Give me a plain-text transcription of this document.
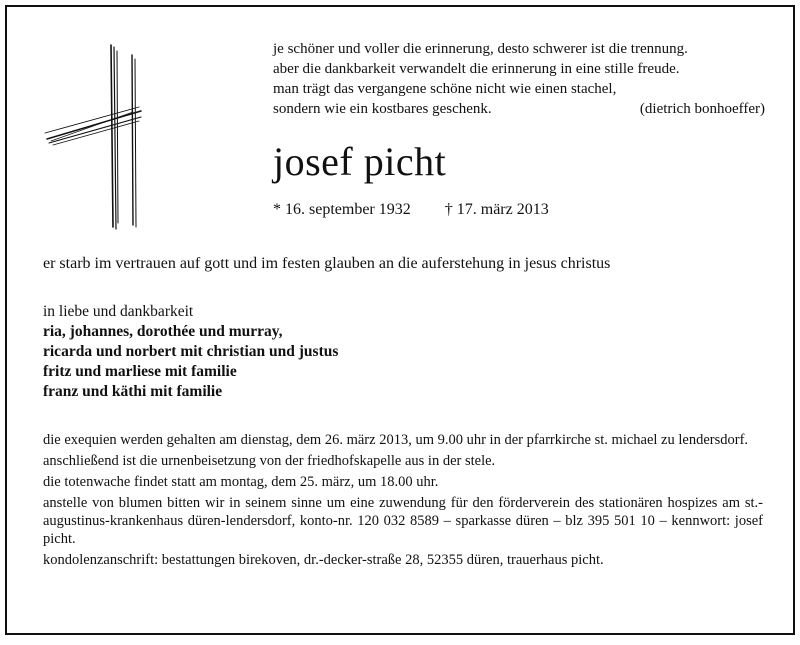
je schöner und voller die erinnerung, desto schwerer ist die trennung.
aber die dankbarkeit verwandelt die erinnerung in eine stille freude.
man trägt das vergangene schöne nicht wie einen stachel,
sondern wie ein kostbares geschenk.	(dietrich bonhoeffer)
josef picht
* 16. september 1932 † 17. märz 2013
er starb im vertrauen auf gott und im festen glauben an die auferstehung in jesus christus
in liebe und dankbarkeit
ria, johannes, dorothée und murray,
ricarda und norbert mit christian und justus
fritz und marliese mit familie
franz und käthi mit familie

die exequien werden gehalten am dienstag, dem 26. märz 2013, um 9.00 uhr in der pfarrkirche st. michael zu lendersdorf.

anschließend ist die urnenbeisetzung von der friedhofskapelle aus in der stele.

die totenwache findet statt am montag, dem 25. märz, um 18.00 uhr.

anstelle von blumen bitten wir in seinem sinne um eine zuwendung für den förderverein des stationären hospizes am st.-augustinus-krankenhaus düren-lendersdorf, konto-nr. 120 032 8589 – sparkasse düren – blz 395 501 10 – kennwort: josef picht.

kondolenzanschrift: bestattungen birekoven, dr.-decker-straße 28, 52355 düren, trauerhaus picht.
